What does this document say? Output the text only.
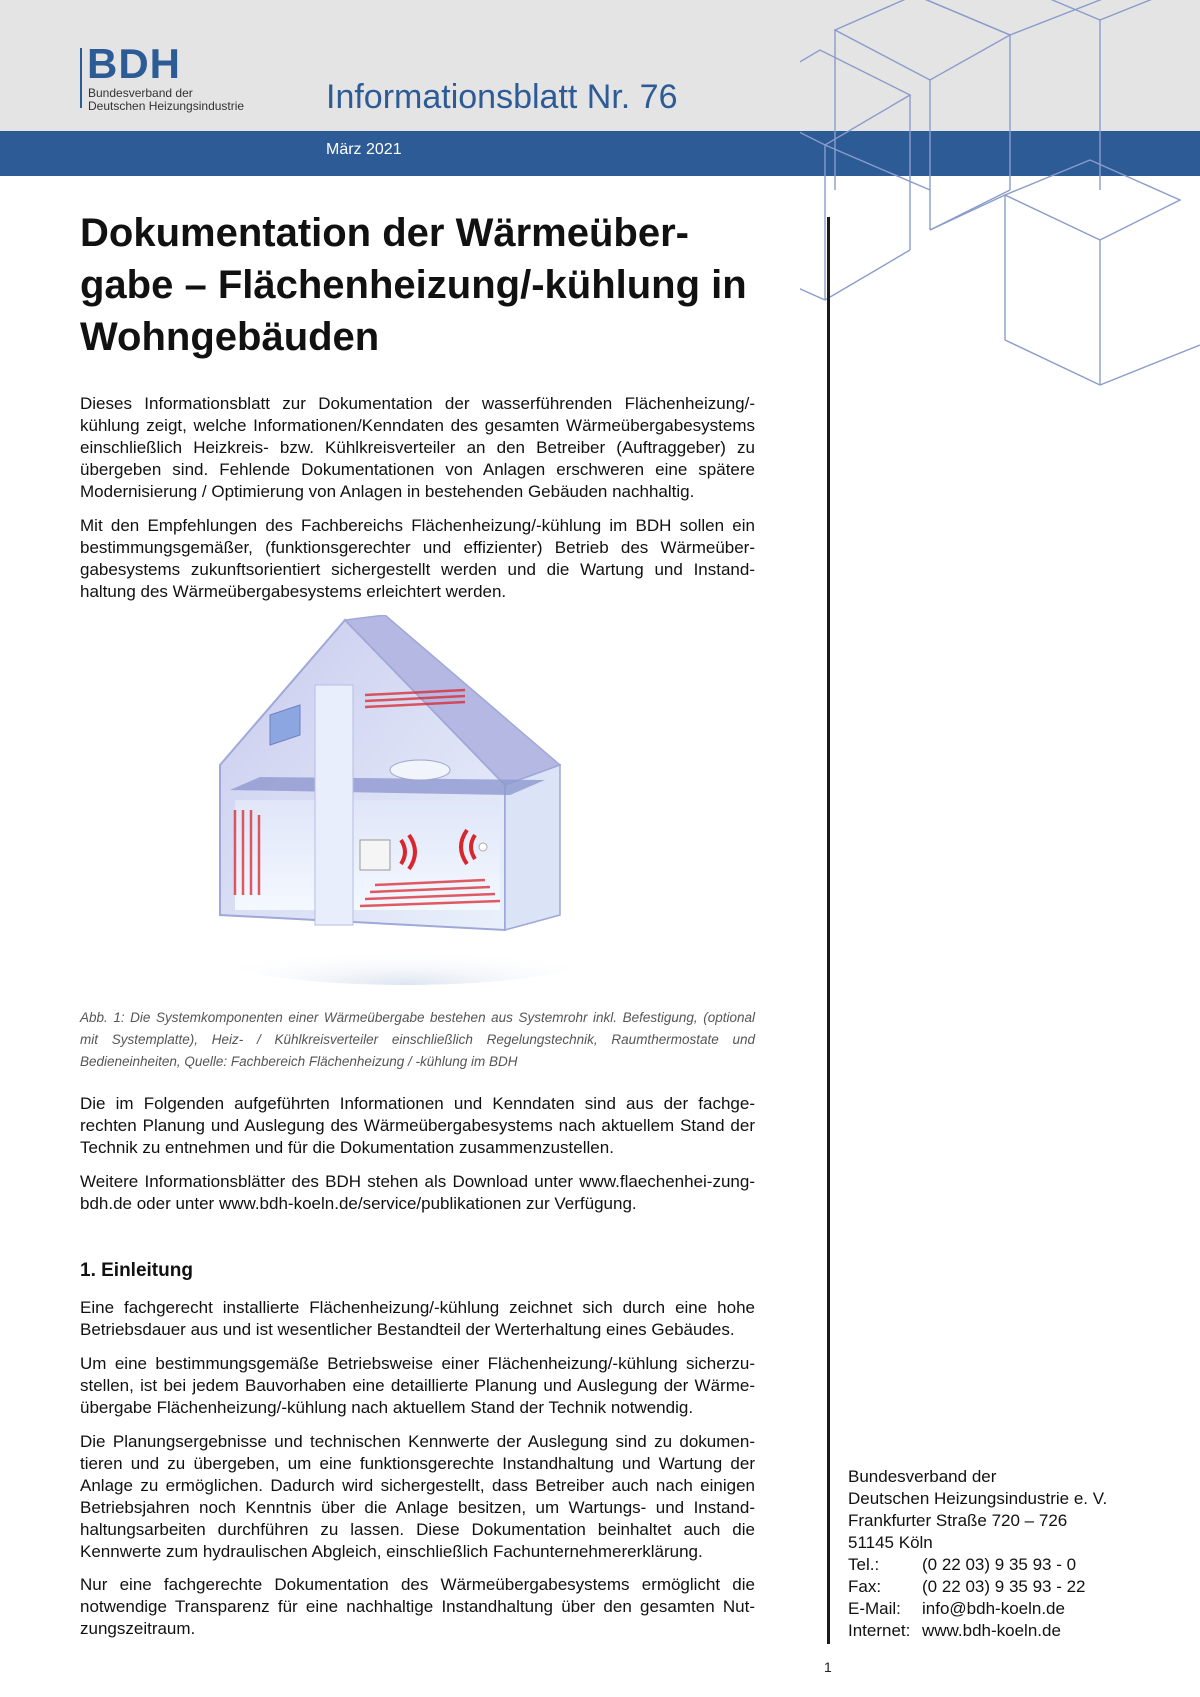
BDH
Bundesverband der
Deutschen Heizungsindustrie Informationsblatt Nr. 76
März 2021
Dokumentation der Wärmeüber-gabe – Flächenheizung/-kühlung in Wohngebäuden

Dieses Informationsblatt zur Dokumentation der wasserführenden Flächenheizung/-kühlung zeigt, welche Informationen/Kenndaten des gesamten Wärmeübergabesystems einschließlich Heizkreis- bzw. Kühlkreisverteiler an den Betreiber (Auftraggeber) zu übergeben sind. Fehlende Dokumentationen von Anlagen erschweren eine spätere Modernisierung / Optimierung von Anlagen in bestehenden Gebäuden nachhaltig.

Mit den Empfehlungen des Fachbereichs Flächenheizung/-kühlung im BDH sollen ein bestimmungsgemäßer, (funktionsgerechter und effizienter) Betrieb des Wärmeüber-gabesystems zukunftsorientiert sichergestellt werden und die Wartung und Instand-haltung des Wärmeübergabesystems erleichtert werden.

Abb. 1: Die Systemkomponenten einer Wärmeübergabe bestehen aus Systemrohr inkl. Befestigung, (optional mit Systemplatte), Heiz- / Kühlkreisverteiler einschließlich Regelungstechnik, Raumthermostate und Bedieneinheiten, Quelle: Fachbereich Flächenheizung / -kühlung im BDH

Die im Folgenden aufgeführten Informationen und Kenndaten sind aus der fachge-rechten Planung und Auslegung des Wärmeübergabesystems nach aktuellem Stand der Technik zu entnehmen und für die Dokumentation zusammenzustellen.

Weitere Informationsblätter des BDH stehen als Download unter www.flaechenhei-zung-bdh.de oder unter www.bdh-koeln.de/service/publikationen zur Verfügung.

1. Einleitung

Eine fachgerecht installierte Flächenheizung/-kühlung zeichnet sich durch eine hohe Betriebsdauer aus und ist wesentlicher Bestandteil der Werterhaltung eines Gebäudes.

Um eine bestimmungsgemäße Betriebsweise einer Flächenheizung/-kühlung sicherzu-stellen, ist bei jedem Bauvorhaben eine detaillierte Planung und Auslegung der Wärme-übergabe Flächenheizung/-kühlung nach aktuellem Stand der Technik notwendig.

Die Planungsergebnisse und technischen Kennwerte der Auslegung sind zu dokumen-tieren und zu übergeben, um eine funktionsgerechte Instandhaltung und Wartung der Anlage zu ermöglichen. Dadurch wird sichergestellt, dass Betreiber auch nach einigen Betriebsjahren noch Kenntnis über die Anlage besitzen, um Wartungs- und Instand-haltungsarbeiten durchführen zu lassen. Diese Dokumentation beinhaltet auch die Kennwerte zum hydraulischen Abgleich, einschließlich Fachunternehmererklärung.

Nur eine fachgerechte Dokumentation des Wärmeübergabesystems ermöglicht die notwendige Transparenz für eine nachhaltige Instandhaltung über den gesamten Nut-zungszeitraum.

Bundesverband der
Deutschen Heizungsindustrie e. V.
Frankfurter Straße 720 – 726
51145 Köln
Tel.:	(0 22 03) 9 35 93 - 0
Fax: (0 22 03) 9 35 93 - 22
E-Mail: info@bdh-koeln.de
Internet: www.bdh-koeln.de
1
